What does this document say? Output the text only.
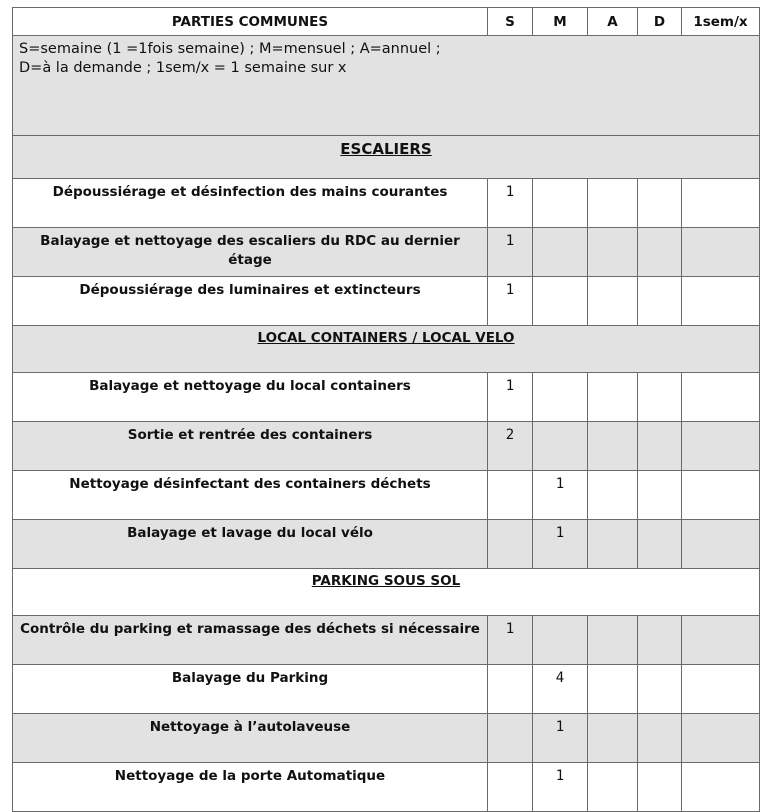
PARTIES COMMUNES	S	M	A	D	1sem/x

S=semaine (1 =1fois semaine) ; M=mensuel ; A=annuel ;
D=à la demande ; 1sem/x = 1 semaine sur x					

ESCALIERS					
Dépoussiérage et désinfection des mains courantes	1				
Balayage et nettoyage des escaliers du RDC au dernier étage	1				
Dépoussiérage des luminaires et extincteurs	1				
LOCAL CONTAINERS / LOCAL VELO					
Balayage et nettoyage du local containers	1				
Sortie et rentrée des containers	2				
Nettoyage désinfectant des containers déchets		1			
Balayage et lavage du local vélo		1			
PARKING SOUS SOL					
Contrôle du parking et ramassage des déchets si nécessaire	1				
Balayage du Parking		4			
Nettoyage à l’autolaveuse		1			
Nettoyage de la porte Automatique		1			
